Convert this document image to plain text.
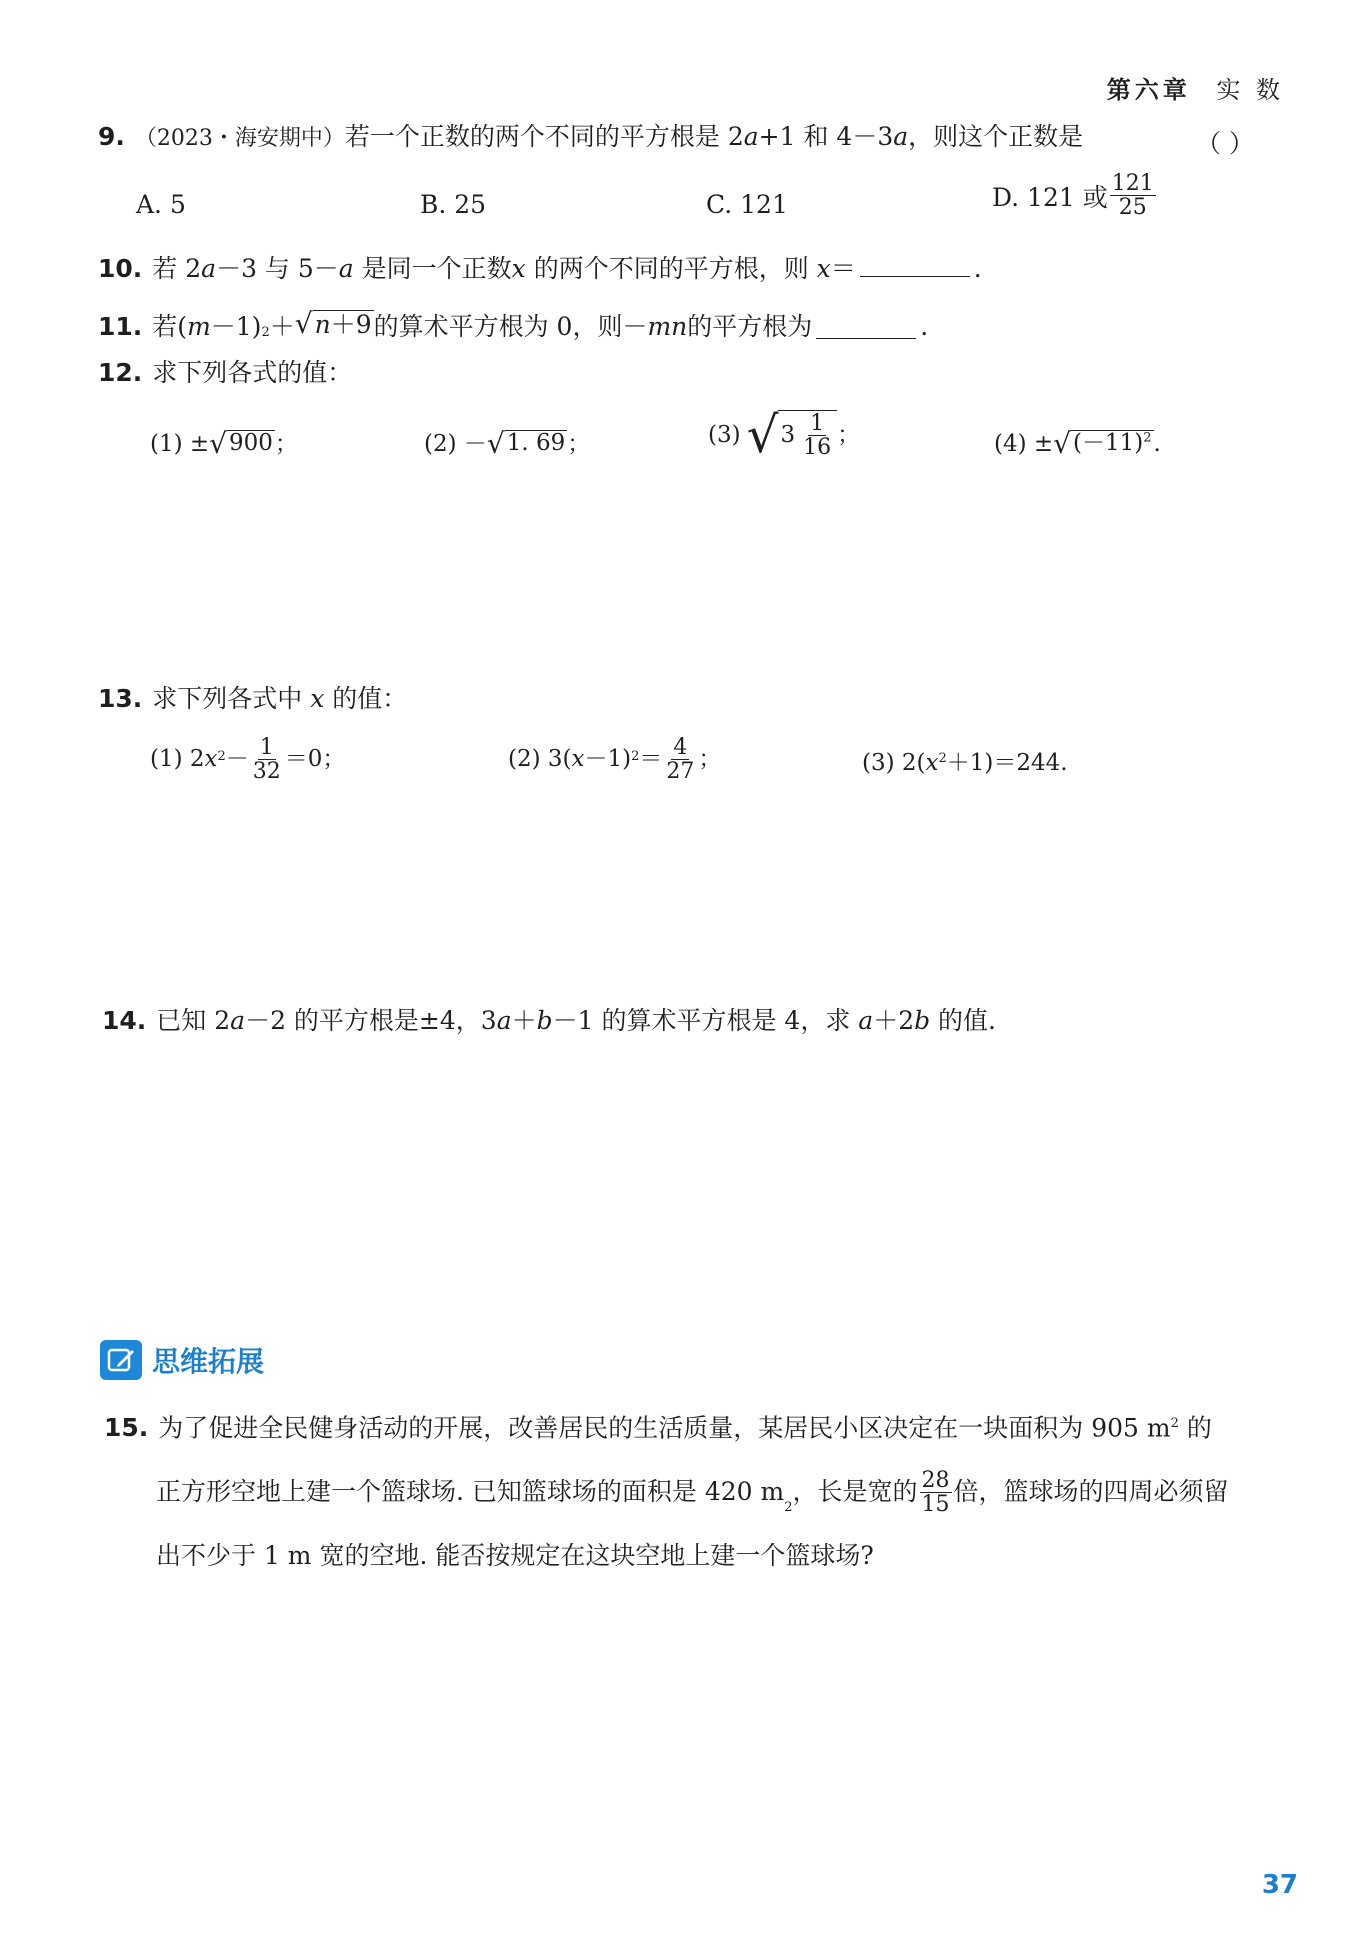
第六章 实 数
9. （2023・海安期中）若一个正数的两个不同的平方根是 2a+1 和 4－3a，则这个正数是	（ ）
A. 5	B. 25	C. 121	D. 121 或 $\frac{121}{25}$
10. 若 2a－3 与 5－a 是同一个正数x 的两个不同的平方根，则 x＝	.
11. 若( $m -1)_2$ ＋ √ n＋9 的算术平方根为 0，则－ mn 的平方根为	.
12. 求下列各式的值：
(1) ± √ 900 ；	(2) － √ 1. 69 ；	(3) √ $3 \frac{1}{16}$ ；	(4) ± √ $(-11)^2$ .
13. 求下列各式中 x 的值：
(1) 2 x $2 - \frac{1}{32} =0$；	(2) 3( x －1) $2 = \frac{4}{27}$ ；	(3) 2( $x^2 +1)=244$.
14. 已知 2a－2 的平方根是±4，3a＋b－1 的算术平方根是 4，求 a＋2b 的值.
思维拓展
15. 为了促进全民健身活动的开展，改善居民的生活质量，某居民小区决定在一块面积为 905 $m^2$ 的
正方形空地上建一个篮球场. 已知篮球场的面积是 420 m
$_2$
，长是宽的 $\frac{28}{15}$ 倍，篮球场的四周必须留
出不少于 1 m 宽的空地. 能否按规定在这块空地上建一个篮球场?
37
